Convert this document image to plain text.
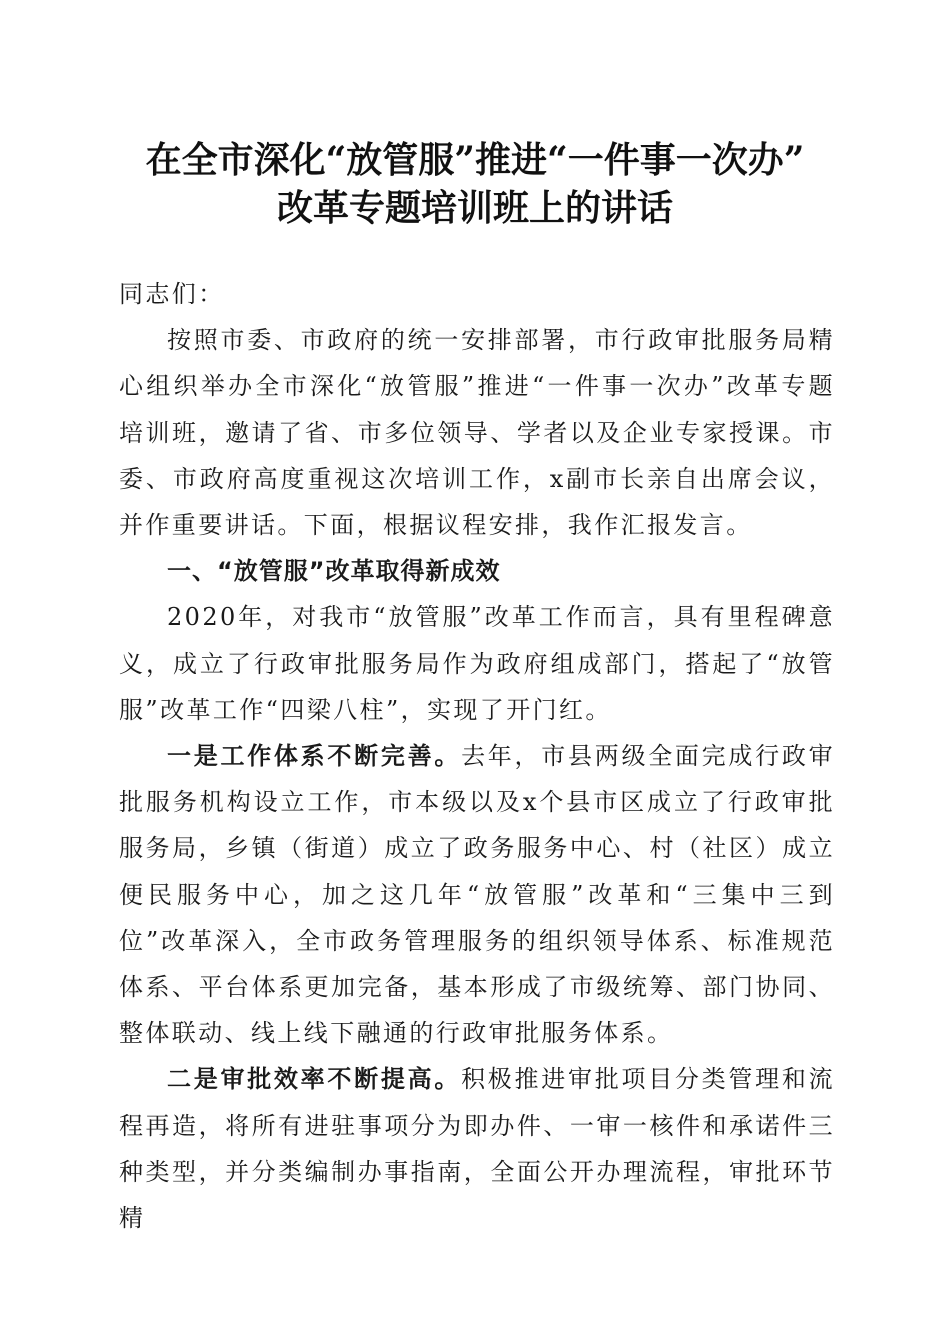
在全市深化“放管服”推进“一件事一次办”
改革专题培训班上的讲话

同志们：

按照市委、市政府的统一安排部署，市行政审批服务局精心组织举办全市深化“放管服”推进“一件事一次办”改革专题培训班，邀请了省、市多位领导、学者以及企业专家授课。市委、市政府高度重视这次培训工作，x副市长亲自出席会议，并作重要讲话。下面，根据议程安排，我作汇报发言。

一、“放管服”改革取得新成效

2020年，对我市“放管服”改革工作而言，具有里程碑意义，成立了行政审批服务局作为政府组成部门，搭起了“放管服”改革工作“四梁八柱”，实现了开门红。

一是工作体系不断完善。去年，市县两级全面完成行政审批服务机构设立工作，市本级以及x个县市区成立了行政审批服务局，乡镇（街道）成立了政务服务中心、村（社区）成立便民服务中心，加之这几年“放管服”改革和“三集中三到位”改革深入，全市政务管理服务的组织领导体系、标准规范体系、平台体系更加完备，基本形成了市级统筹、部门协同、整体联动、线上线下融通的行政审批服务体系。

二是审批效率不断提高。积极推进审批项目分类管理和流程再造，将所有进驻事项分为即办件、一审一核件和承诺件三种类型，并分类编制办事指南，全面公开办理流程，审批环节精
